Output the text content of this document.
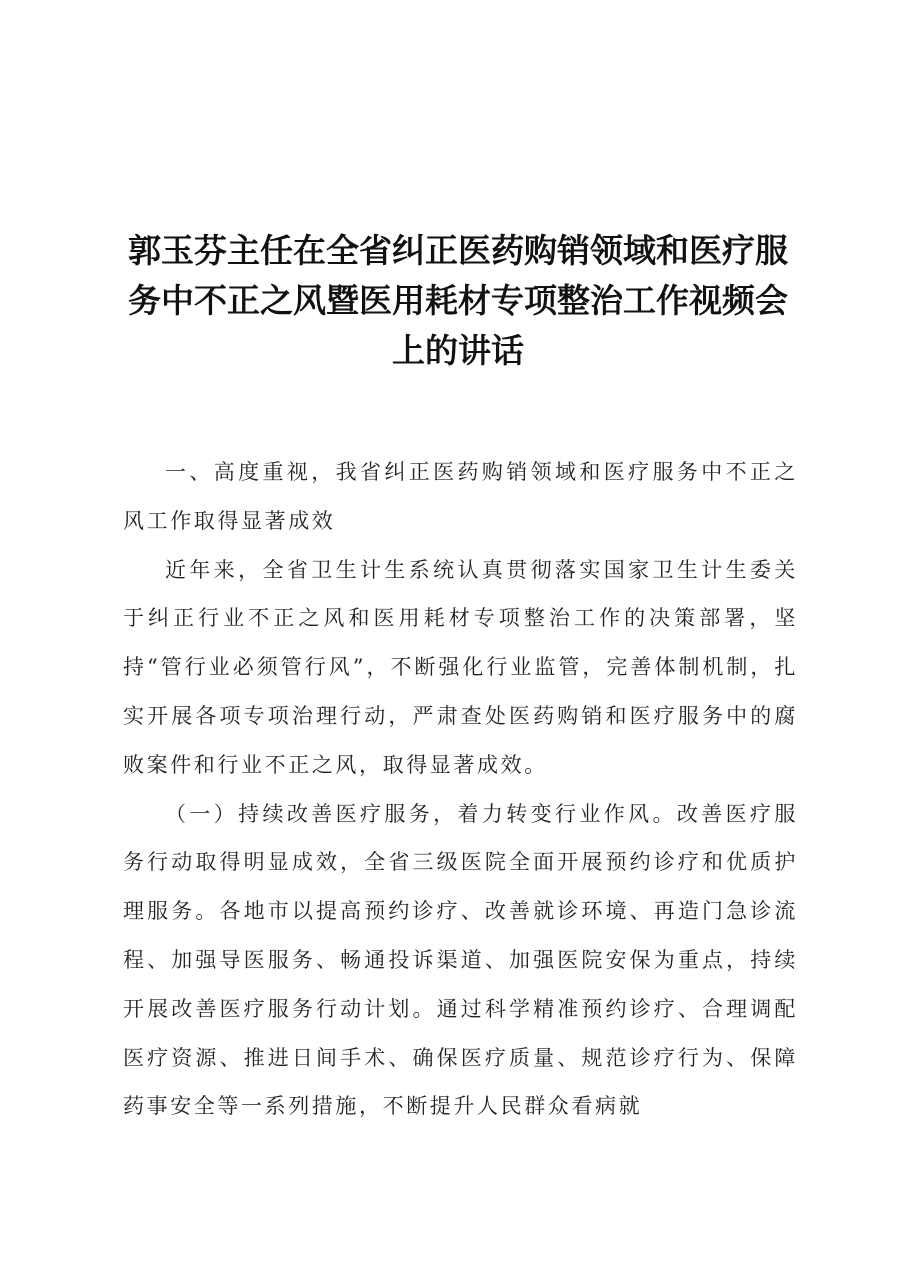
郭玉芬主任在全省纠正医药购销领域和医疗服务中不正之风暨医用耗材专项整治工作视频会上的讲话

一、高度重视，我省纠正医药购销领域和医疗服务中不正之风工作取得显著成效

近年来，全省卫生计生系统认真贯彻落实国家卫生计生委关于纠正行业不正之风和医用耗材专项整治工作的决策部署，坚持“管行业必须管行风”，不断强化行业监管，完善体制机制，扎实开展各项专项治理行动，严肃查处医药购销和医疗服务中的腐败案件和行业不正之风，取得显著成效。

（一）持续改善医疗服务，着力转变行业作风。改善医疗服务行动取得明显成效，全省三级医院全面开展预约诊疗和优质护理服务。各地市以提高预约诊疗、改善就诊环境、再造门急诊流程、加强导医服务、畅通投诉渠道、加强医院安保为重点，持续开展改善医疗服务行动计划。通过科学精准预约诊疗、合理调配医疗资源、推进日间手术、确保医疗质量、规范诊疗行为、保障药事安全等一系列措施，不断提升人民群众看病就
